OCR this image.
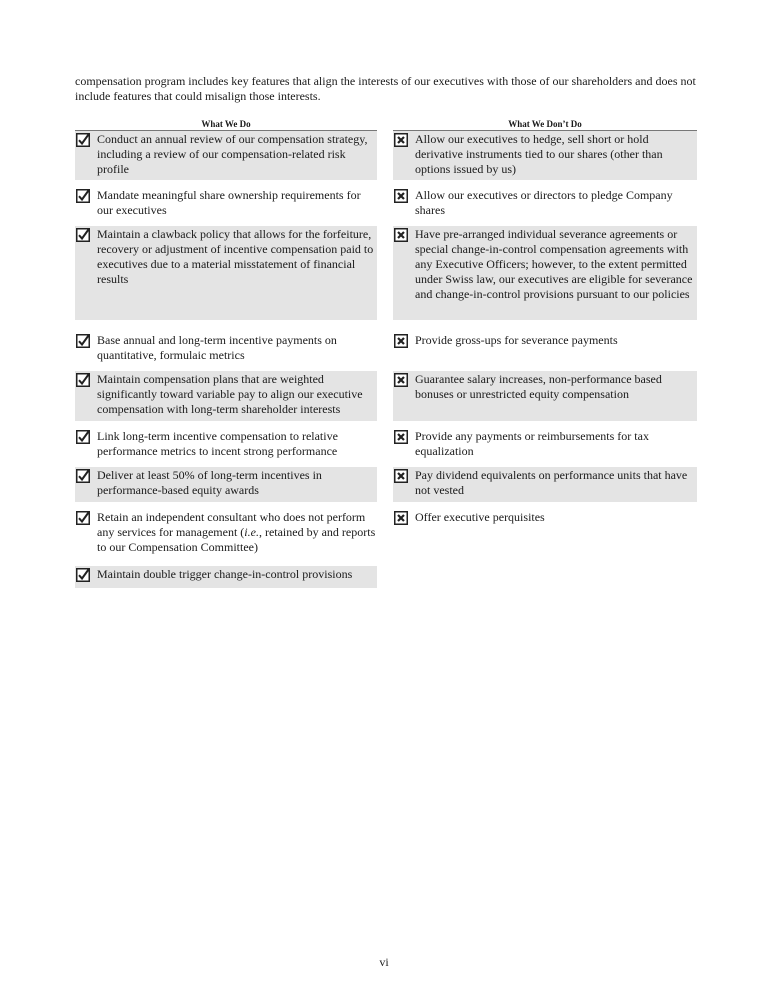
compensation program includes key features that align the interests of our executives with those of our shareholders and does not include features that could misalign those interests.

What We Do	What We Don’t Do
Conduct an annual review of our compensation strategy, including a review of our compensation-related risk profile
Allow our executives to hedge, sell short or hold derivative instruments tied to our shares (other than options issued by us)
Mandate meaningful share ownership requirements for our executives
Allow our executives or directors to pledge Company shares
Maintain a clawback policy that allows for the forfeiture, recovery or adjustment of incentive compensation paid to executives due to a material misstatement of financial results
Have pre-arranged individual severance agreements or special change-in-control compensation agreements with any Executive Officers; however, to the extent permitted under Swiss law, our executives are eligible for severance and change-in-control provisions pursuant to our policies
Base annual and long-term incentive payments on quantitative, formulaic metrics
Provide gross-ups for severance payments
Maintain compensation plans that are weighted significantly toward variable pay to align our executive compensation with long-term shareholder interests
Guarantee salary increases, non-performance based bonuses or unrestricted equity compensation
Link long-term incentive compensation to relative performance metrics to incent strong performance
Provide any payments or reimbursements for tax equalization
Deliver at least 50% of long-term incentives in performance-based equity awards
Pay dividend equivalents on performance units that have not vested
Retain an independent consultant who does not perform any services for management (i.e., retained by and reports to our Compensation Committee)
Offer executive perquisites
Maintain double trigger change-in-control provisions
vi
